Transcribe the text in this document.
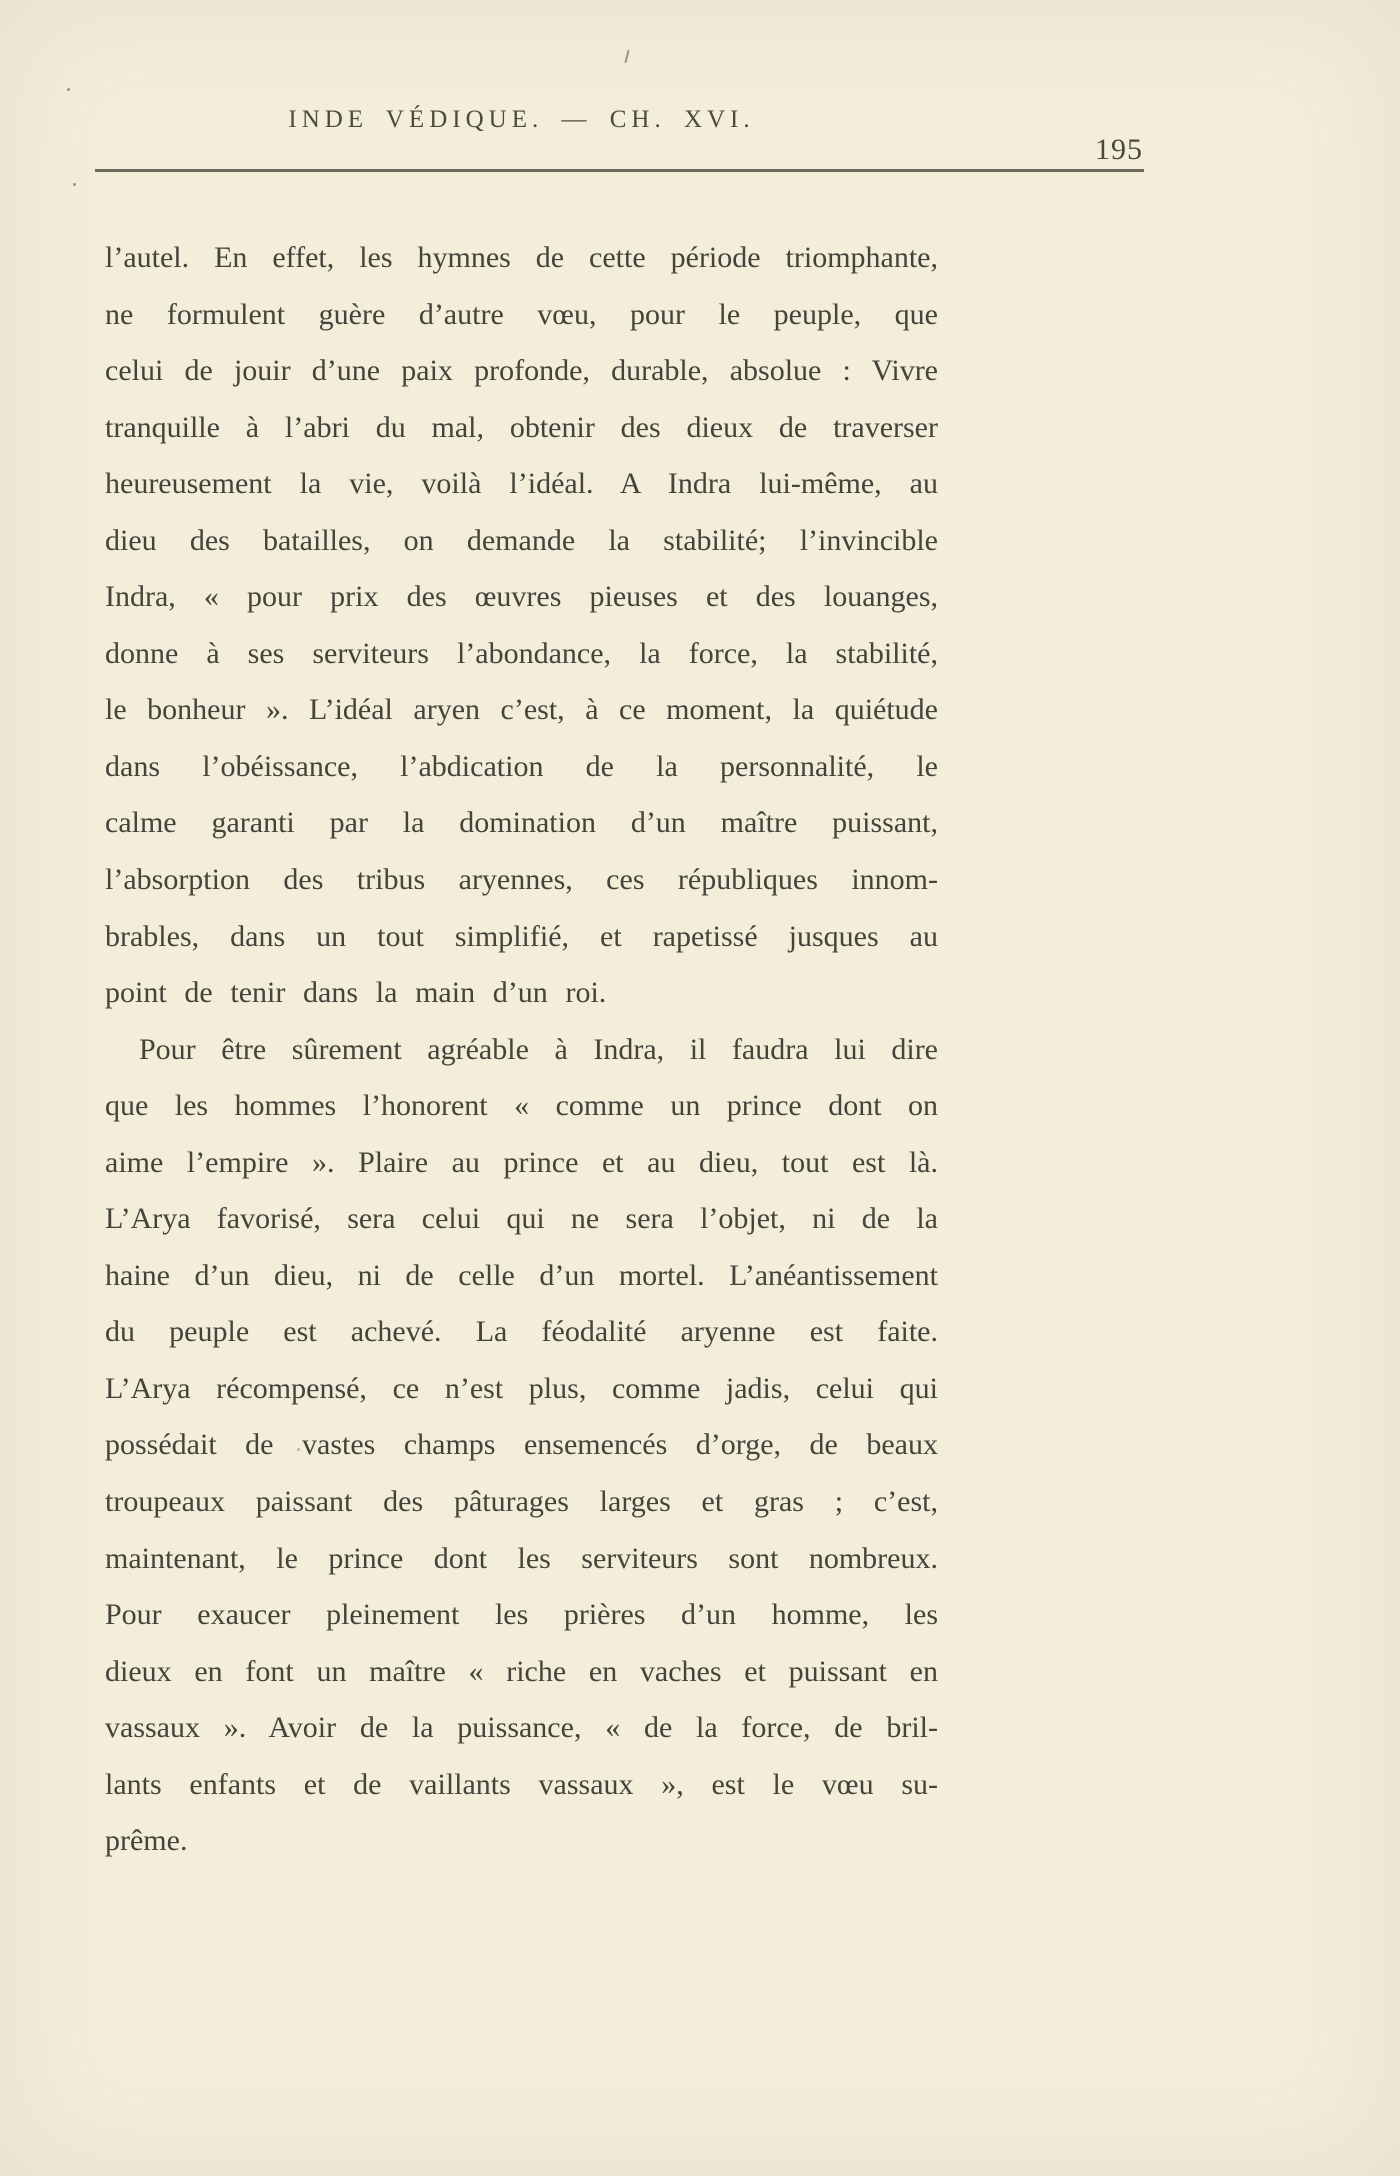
INDE VÉDIQUE. — CH. XVI.
195
l’autel. En effet, les hymnes de cette période triomphante,
ne formulent guère d’autre vœu, pour le peuple, que
celui de jouir d’une paix profonde, durable, absolue : Vivre
tranquille à l’abri du mal, obtenir des dieux de traverser
heureusement la vie, voilà l’idéal. A Indra lui-même, au
dieu des batailles, on demande la stabilité; l’invincible
Indra, « pour prix des œuvres pieuses et des louanges,
donne à ses serviteurs l’abondance, la force, la stabilité,
le bonheur ». L’idéal aryen c’est, à ce moment, la quiétude
dans l’obéissance, l’abdication de la personnalité, le
calme garanti par la domination d’un maître puissant,
l’absorption des tribus aryennes, ces républiques innom-
brables, dans un tout simplifié, et rapetissé jusques au
point de tenir dans la main d’un roi.
Pour être sûrement agréable à Indra, il faudra lui dire
que les hommes l’honorent « comme un prince dont on
aime l’empire ». Plaire au prince et au dieu, tout est là.
L’Arya favorisé, sera celui qui ne sera l’objet, ni de la
haine d’un dieu, ni de celle d’un mortel. L’anéantissement
du peuple est achevé. La féodalité aryenne est faite.
L’Arya récompensé, ce n’est plus, comme jadis, celui qui
possédait de vastes champs ensemencés d’orge, de beaux
troupeaux paissant des pâturages larges et gras ; c’est,
maintenant, le prince dont les serviteurs sont nombreux.
Pour exaucer pleinement les prières d’un homme, les
dieux en font un maître « riche en vaches et puissant en
vassaux ». Avoir de la puissance, « de la force, de bril-
lants enfants et de vaillants vassaux », est le vœu su-
prême.
